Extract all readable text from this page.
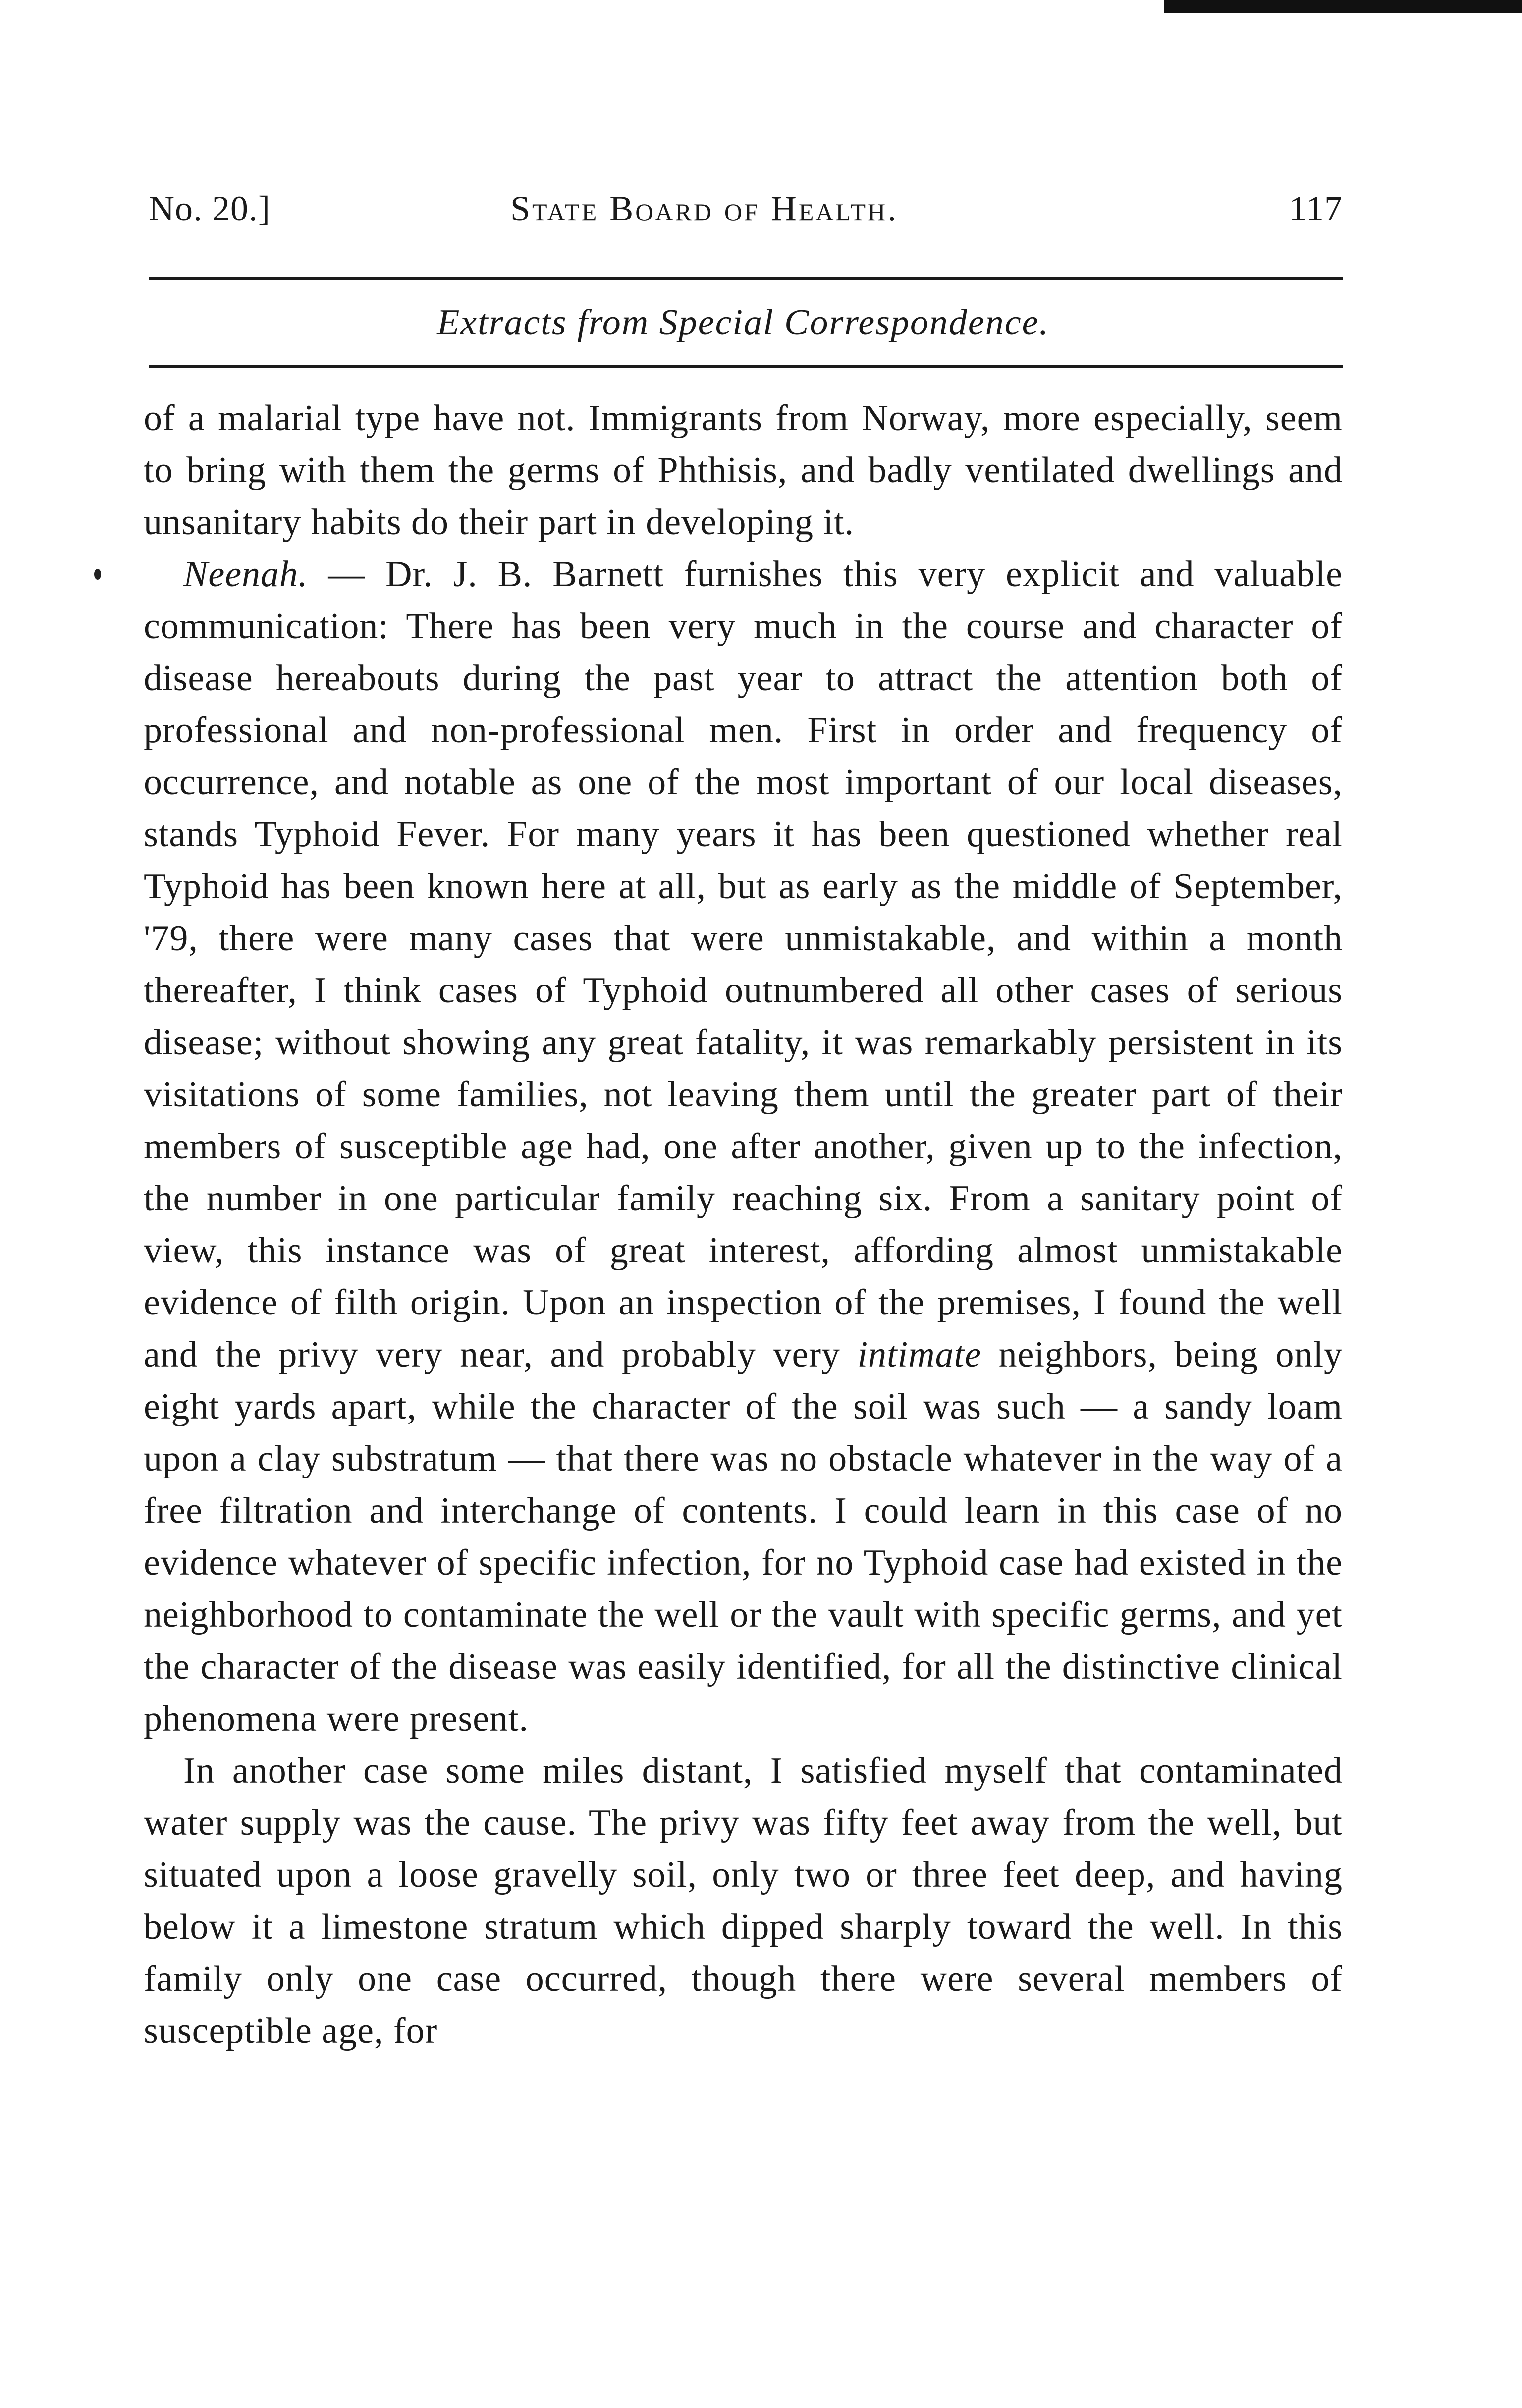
No. 20.]	State Board of Health.	117
Extracts from Special Correspondence.

of a malarial type have not. Immigrants from Norway, more especially, seem to bring with them the germs of Phthisis, and badly ventilated dwellings and unsanitary habits do their part in developing it.

Neenah. — Dr. J. B. Barnett furnishes this very explicit and valuable communication: There has been very much in the course and character of disease hereabouts during the past year to attract the attention both of professional and non-professional men. First in order and frequency of occurrence, and notable as one of the most important of our local diseases, stands Typhoid Fever. For many years it has been questioned whether real Typhoid has been known here at all, but as early as the middle of September, '79, there were many cases that were unmistakable, and within a month thereafter, I think cases of Typhoid outnumbered all other cases of serious disease; without showing any great fatality, it was remarkably persistent in its visitations of some families, not leaving them until the greater part of their members of susceptible age had, one after another, given up to the infection, the number in one particular family reaching six. From a sanitary point of view, this instance was of great interest, affording almost unmistakable evidence of filth origin. Upon an inspection of the premises, I found the well and the privy very near, and probably very intimate neighbors, being only eight yards apart, while the character of the soil was such — a sandy loam upon a clay substratum — that there was no obstacle whatever in the way of a free filtration and interchange of contents. I could learn in this case of no evidence whatever of specific infection, for no Typhoid case had existed in the neighborhood to contaminate the well or the vault with specific germs, and yet the character of the disease was easily identified, for all the distinctive clinical phenomena were present.

In another case some miles distant, I satisfied myself that contaminated water supply was the cause. The privy was fifty feet away from the well, but situated upon a loose gravelly soil, only two or three feet deep, and having below it a limestone stratum which dipped sharply toward the well. In this family only one case occurred, though there were several members of susceptible age, for
